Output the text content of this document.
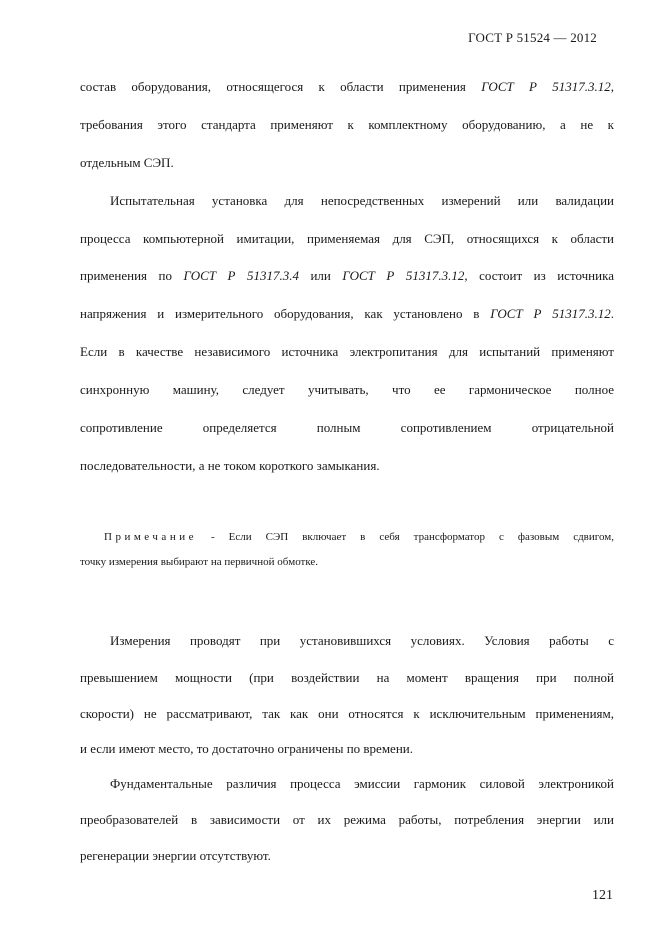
ГОСТ Р 51524 — 2012
состав оборудования, относящегося к области применения ГОСТ Р 51317.3.12,
требования этого стандарта применяют к комплектному оборудованию, а не к
отдельным СЭП.
Испытательная установка для непосредственных измерений или валидации
процесса компьютерной имитации, применяемая для СЭП, относящихся к области
применения по ГОСТ Р 51317.3.4 или ГОСТ Р 51317.3.12, состоит из источника
напряжения и измерительного оборудования, как установлено в ГОСТ Р 51317.3.12.
Если в качестве независимого источника электропитания для испытаний применяют
синхронную машину, следует учитывать, что ее гармоническое полное
сопротивление определяется полным сопротивлением отрицательной
последовательности, а не током короткого замыкания.
Примечание - Если СЭП включает в себя трансформатор с фазовым сдвигом,
точку измерения выбирают на первичной обмотке.
Измерения проводят при установившихся условиях. Условия работы с
превышением мощности (при воздействии на момент вращения при полной
скорости) не рассматривают, так как они относятся к исключительным применениям,
и если имеют место, то достаточно ограничены по времени.
Фундаментальные различия процесса эмиссии гармоник силовой электроникой
преобразователей в зависимости от их режима работы, потребления энергии или
регенерации энергии отсутствуют.
121
